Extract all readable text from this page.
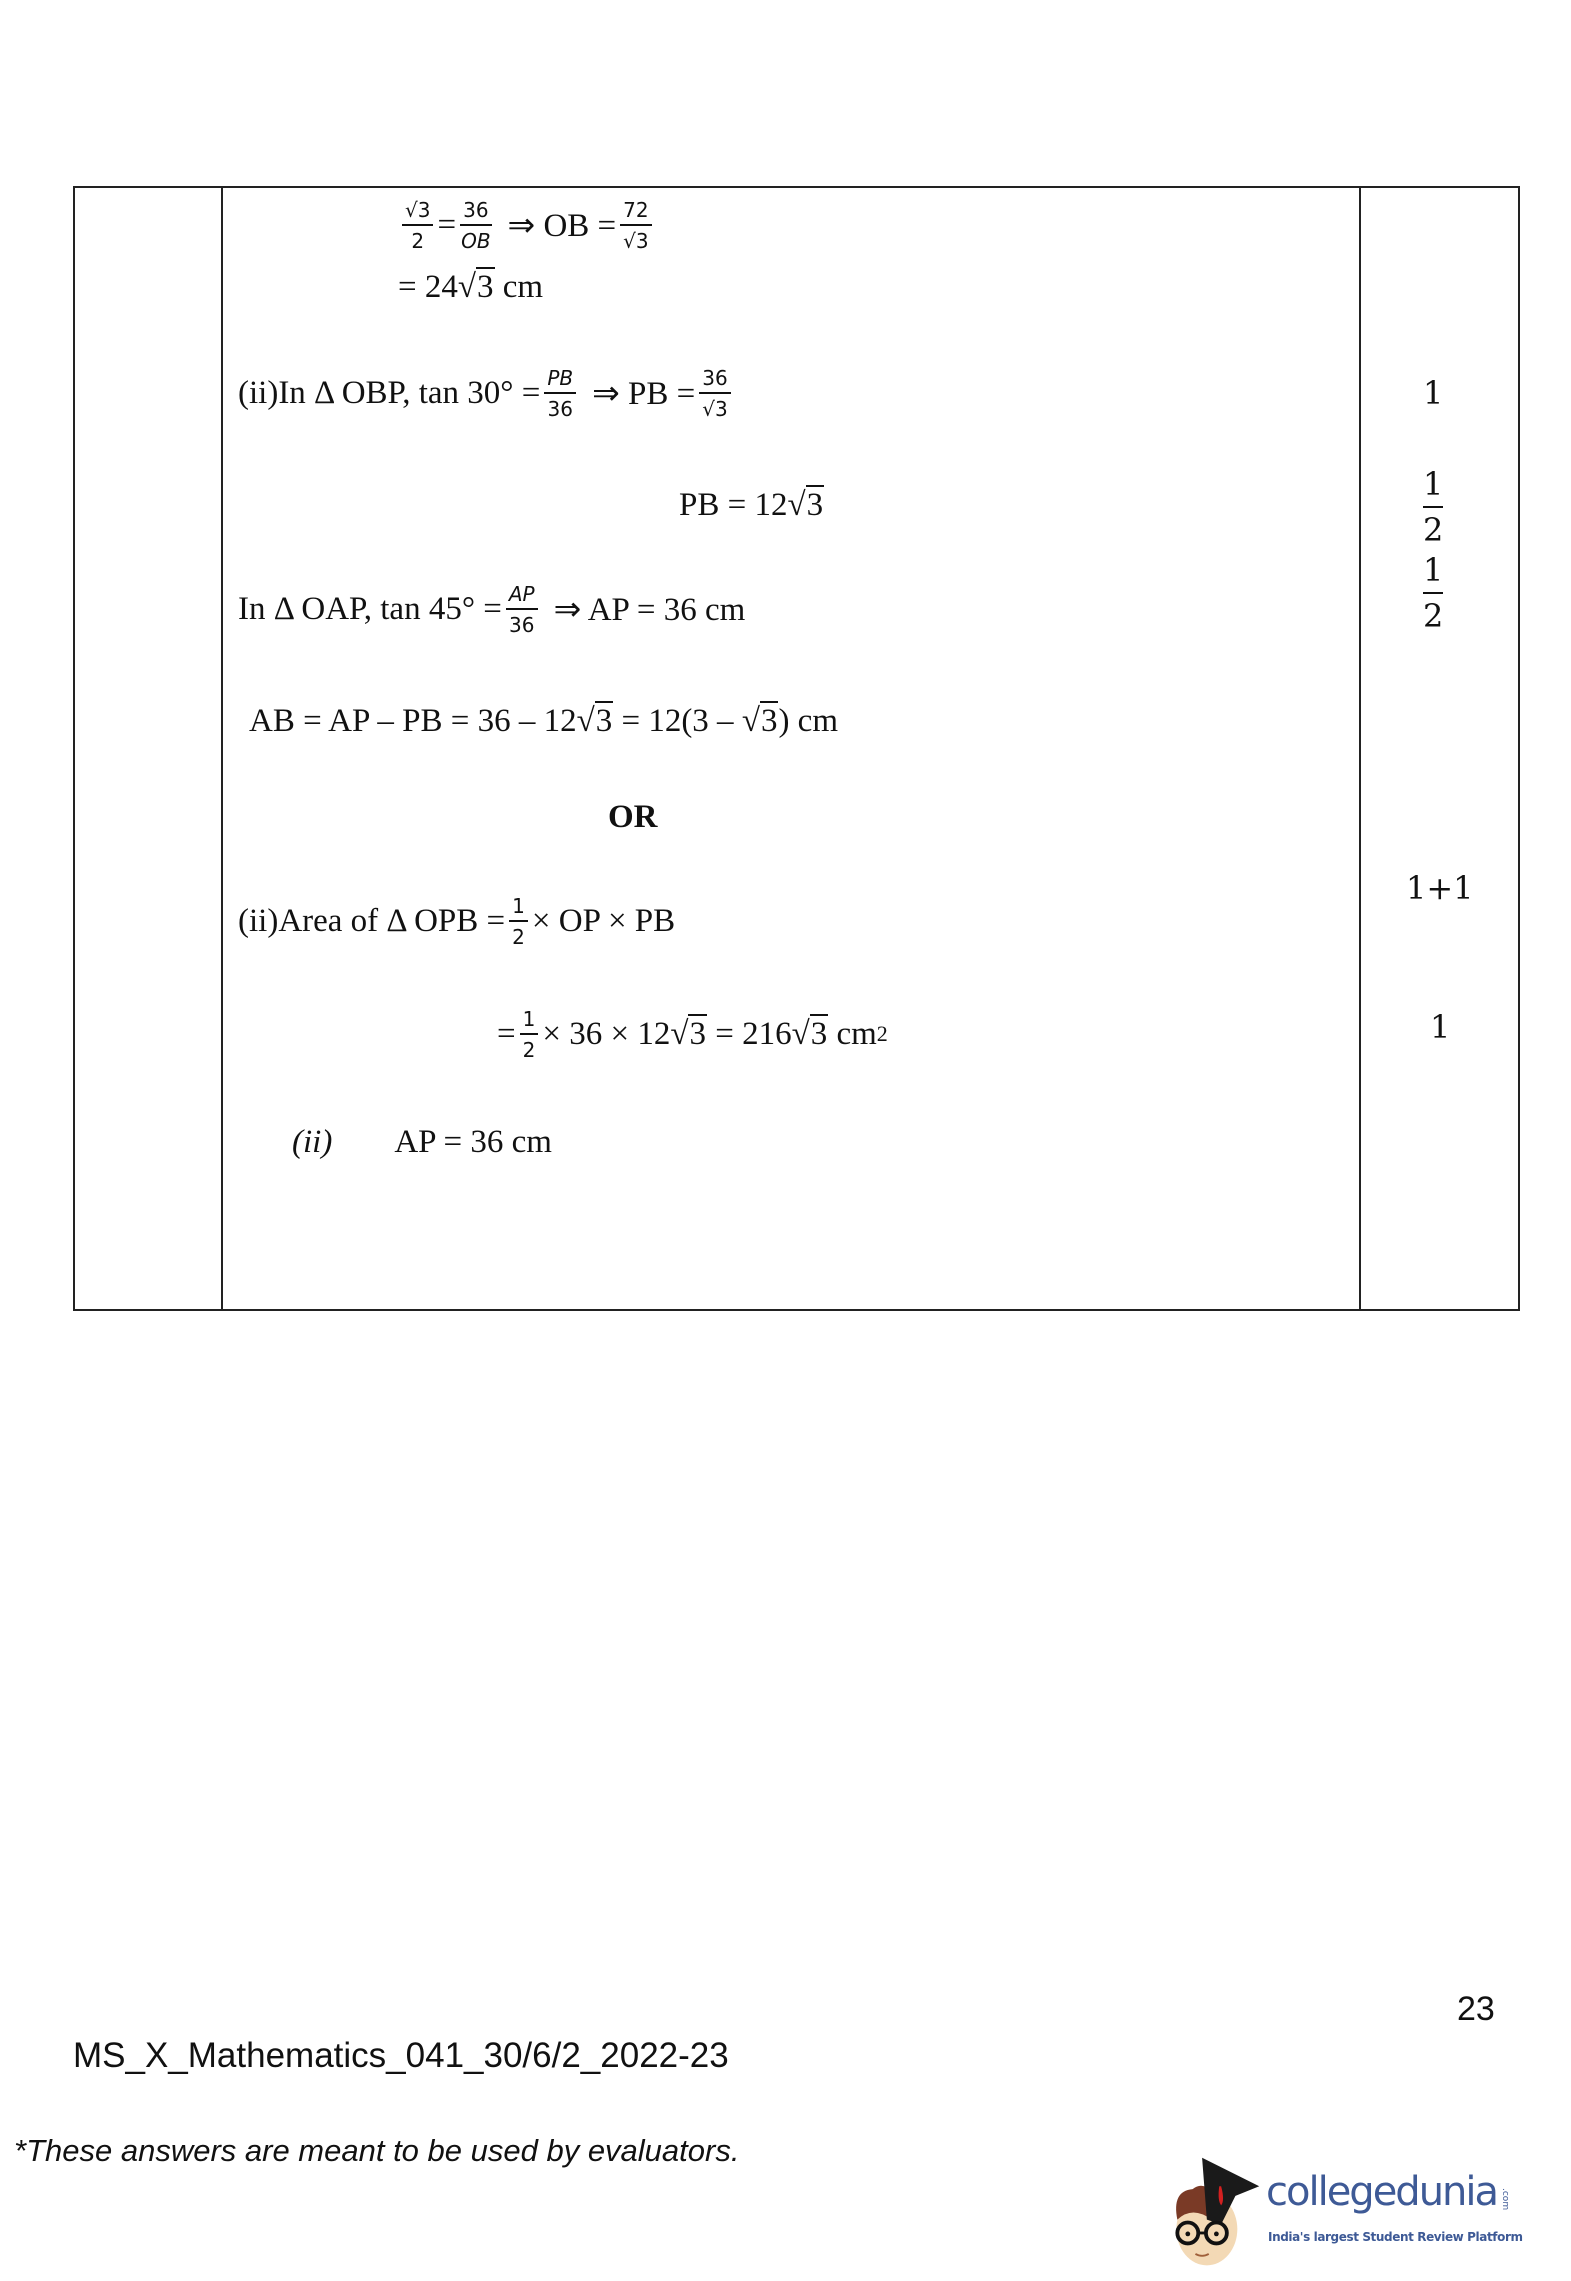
$\frac{√3}{2} = \frac{36}{OB}$ ⇒ OB = $\frac{72}{√3}$
= 24 √3
cm
(ii)In Δ OBP, $\tan 30^\circ = \frac{PB}{36}$ ⇒ PB = $\frac{36}{√3}$
PB = 12 √3
In Δ OAP, $\tan 45^\circ = \frac{AP}{36}$ ⇒ AP = 36 cm
AB = AP – PB = 36 – 12 √3
= 12(3 –
√3 ) cm
OR
(ii)Area of Δ OPB = $\frac{1}{2}$ × OP × PB
= $\frac{1}{2} \times 36 \times 12$ √3
= 216 √3
cm 2
(ii) AP = 36 cm
1
1
2
1
2
1+1
1
23
MS_X_Mathematics_041_30/6/2_2022-23
*These answers are meant to be used by evaluators.
collegedunia .com
India's largest Student Review Platform
